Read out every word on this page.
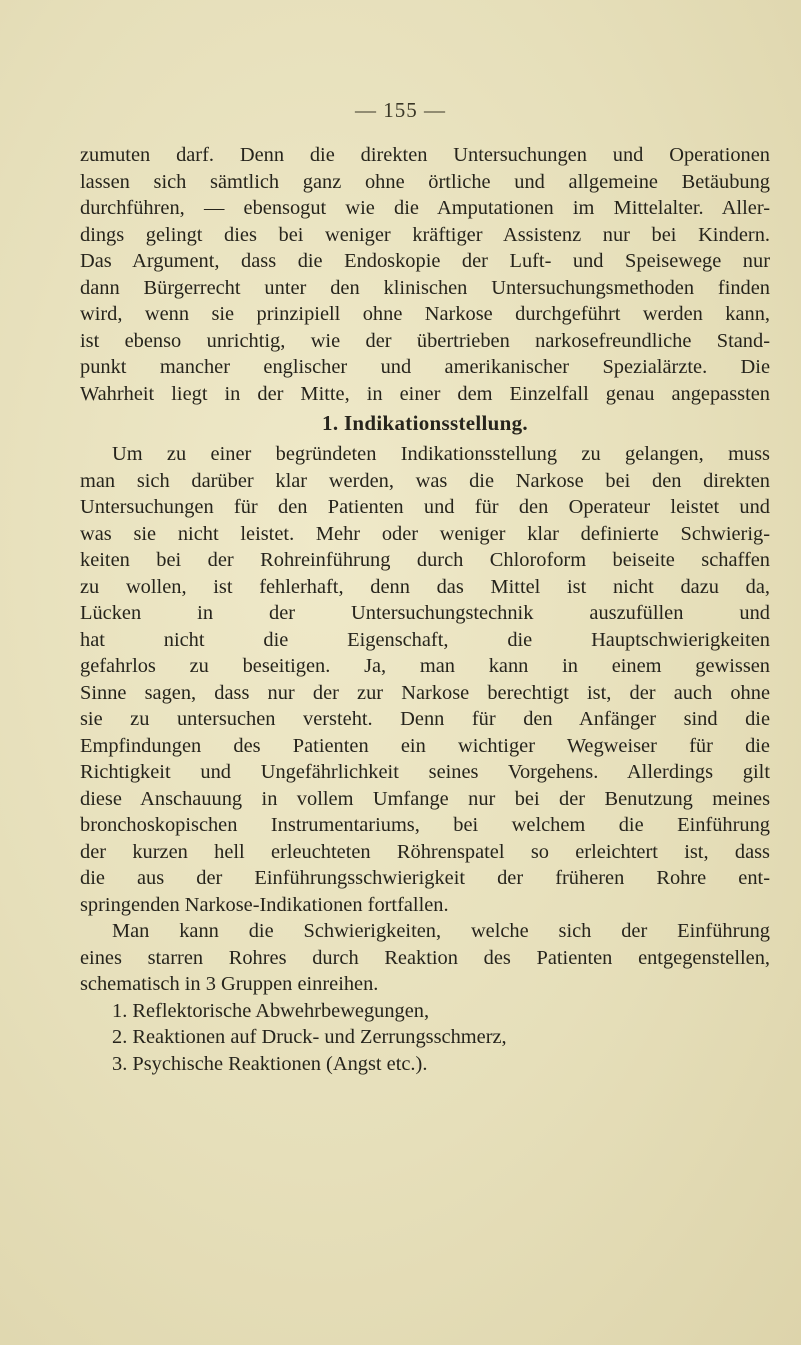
— 155 —
zumuten darf. Denn die direkten Untersuchungen und Operationen
lassen sich sämtlich ganz ohne örtliche und allgemeine Betäubung
durchführen, — ebensogut wie die Amputationen im Mittelalter. Aller-
dings gelingt dies bei weniger kräftiger Assistenz nur bei Kindern.
Das Argument, dass die Endoskopie der Luft- und Speisewege nur
dann Bürgerrecht unter den klinischen Untersuchungsmethoden finden
wird, wenn sie prinzipiell ohne Narkose durchgeführt werden kann,
ist ebenso unrichtig, wie der übertrieben narkosefreundliche Stand-
punkt mancher englischer und amerikanischer Spezialärzte. Die
Wahrheit liegt in der Mitte, in einer dem Einzelfall genau angepassten
1. Indikationsstellung.
Um zu einer begründeten Indikationsstellung zu gelangen, muss
man sich darüber klar werden, was die Narkose bei den direkten
Untersuchungen für den Patienten und für den Operateur leistet und
was sie nicht leistet. Mehr oder weniger klar definierte Schwierig-
keiten bei der Rohreinführung durch Chloroform beiseite schaffen
zu wollen, ist fehlerhaft, denn das Mittel ist nicht dazu da,
Lücken in der Untersuchungstechnik auszufüllen und
hat nicht die Eigenschaft, die Hauptschwierigkeiten
gefahrlos zu beseitigen. Ja, man kann in einem gewissen
Sinne sagen, dass nur der zur Narkose berechtigt ist, der auch ohne
sie zu untersuchen versteht. Denn für den Anfänger sind die
Empfindungen des Patienten ein wichtiger Wegweiser für die
Richtigkeit und Ungefährlichkeit seines Vorgehens. Allerdings gilt
diese Anschauung in vollem Umfange nur bei der Benutzung meines
bronchoskopischen Instrumentariums, bei welchem die Einführung
der kurzen hell erleuchteten Röhrenspatel so erleichtert ist, dass
die aus der Einführungsschwierigkeit der früheren Rohre ent-
springenden Narkose-Indikationen fortfallen.
Man kann die Schwierigkeiten, welche sich der Einführung
eines starren Rohres durch Reaktion des Patienten entgegenstellen,
schematisch in 3 Gruppen einreihen.
1. Reflektorische Abwehrbewegungen,
2. Reaktionen auf Druck- und Zerrungsschmerz,
3. Psychische Reaktionen (Angst etc.).
